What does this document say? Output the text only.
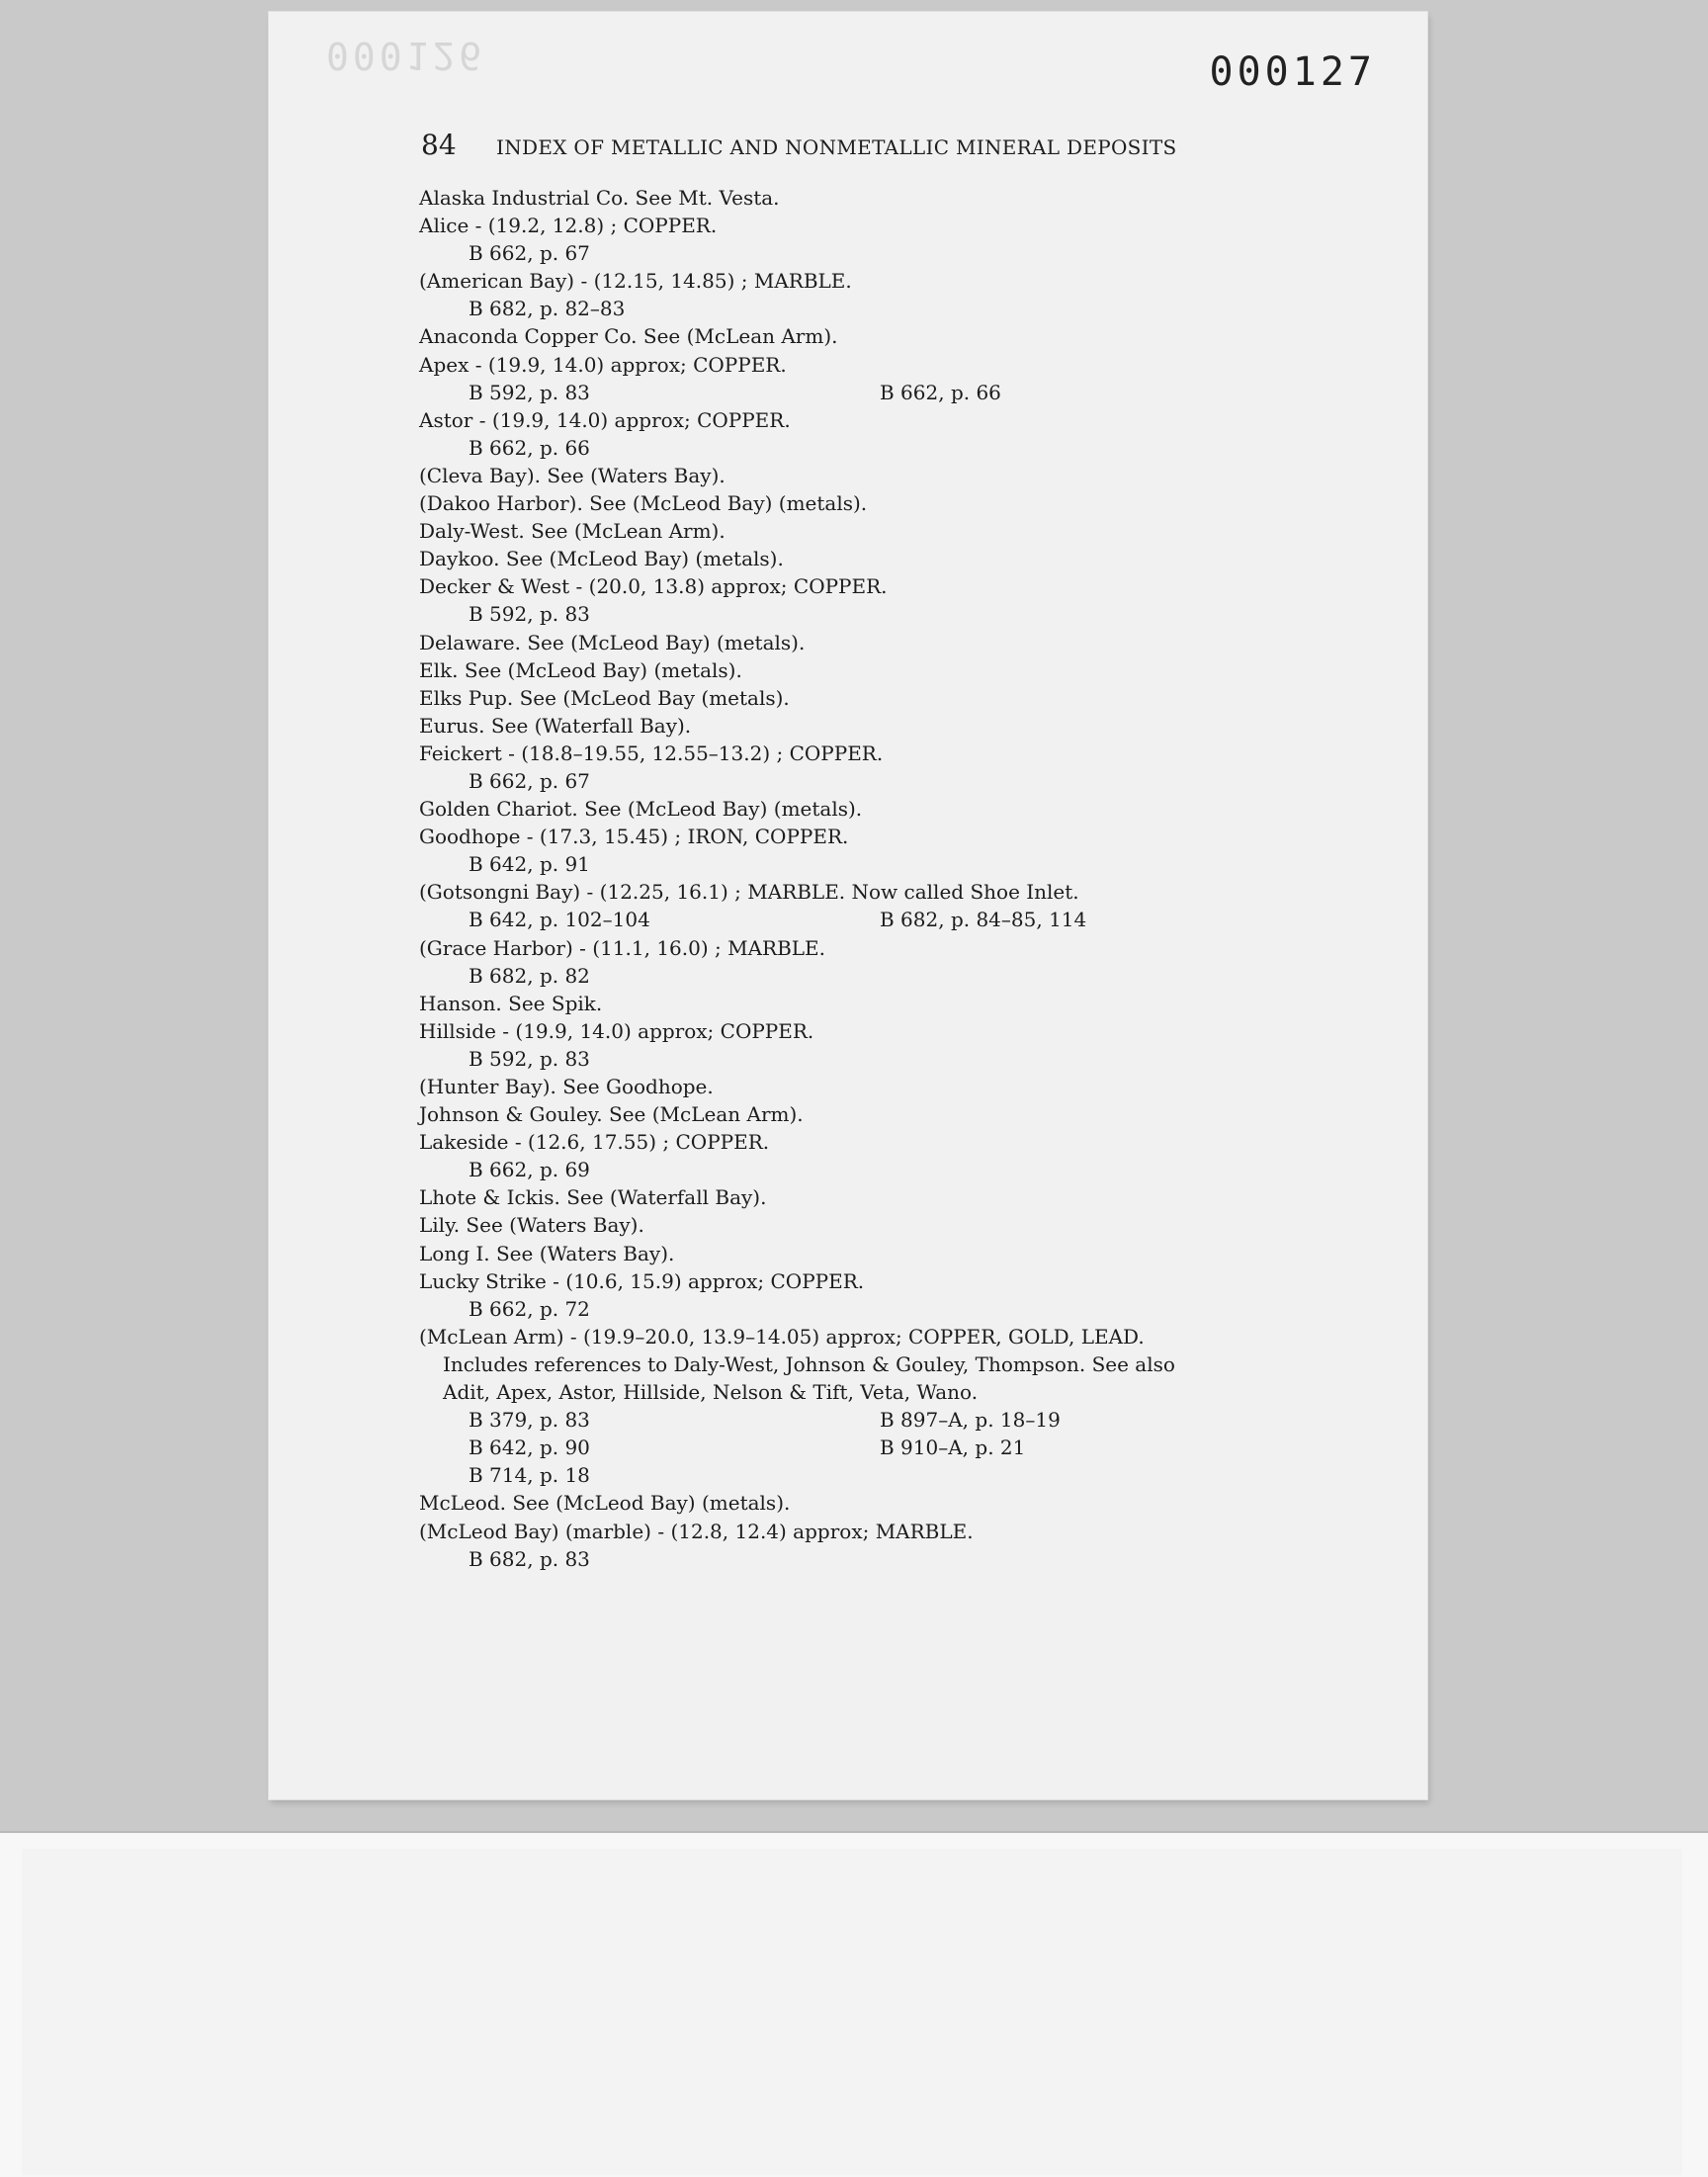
000126	000127
84	INDEX OF METALLIC AND NONMETALLIC MINERAL DEPOSITS
Alaska Industrial Co. See Mt. Vesta.
Alice - (19.2, 12.8) ; COPPER.
B 662, p. 67
(American Bay) - (12.15, 14.85) ; MARBLE.
B 682, p. 82–83
Anaconda Copper Co. See (McLean Arm).
Apex - (19.9, 14.0) approx; COPPER.
B 592, p. 83	B 662, p. 66
Astor - (19.9, 14.0) approx; COPPER.
B 662, p. 66
(Cleva Bay). See (Waters Bay).
(Dakoo Harbor). See (McLeod Bay) (metals).
Daly-West. See (McLean Arm).
Daykoo. See (McLeod Bay) (metals).
Decker & West - (20.0, 13.8) approx; COPPER.
B 592, p. 83
Delaware. See (McLeod Bay) (metals).
Elk. See (McLeod Bay) (metals).
Elks Pup. See (McLeod Bay (metals).
Eurus. See (Waterfall Bay).
Feickert - (18.8–19.55, 12.55–13.2) ; COPPER.
B 662, p. 67
Golden Chariot. See (McLeod Bay) (metals).
Goodhope - (17.3, 15.45) ; IRON, COPPER.
B 642, p. 91
(Gotsongni Bay) - (12.25, 16.1) ; MARBLE. Now called Shoe Inlet.
B 642, p. 102–104	B 682, p. 84–85, 114
(Grace Harbor) - (11.1, 16.0) ; MARBLE.
B 682, p. 82
Hanson. See Spik.
Hillside - (19.9, 14.0) approx; COPPER.
B 592, p. 83
(Hunter Bay). See Goodhope.
Johnson & Gouley. See (McLean Arm).
Lakeside - (12.6, 17.55) ; COPPER.
B 662, p. 69
Lhote & Ickis. See (Waterfall Bay).
Lily. See (Waters Bay).
Long I. See (Waters Bay).
Lucky Strike - (10.6, 15.9) approx; COPPER.
B 662, p. 72
(McLean Arm) - (19.9–20.0, 13.9–14.05) approx; COPPER, GOLD, LEAD.
Includes references to Daly-West, Johnson & Gouley, Thompson. See also
Adit, Apex, Astor, Hillside, Nelson & Tift, Veta, Wano.
B 379, p. 83	B 897–A, p. 18–19
B 642, p. 90	B 910–A, p. 21
B 714, p. 18
McLeod. See (McLeod Bay) (metals).
(McLeod Bay) (marble) - (12.8, 12.4) approx; MARBLE.
B 682, p. 83
